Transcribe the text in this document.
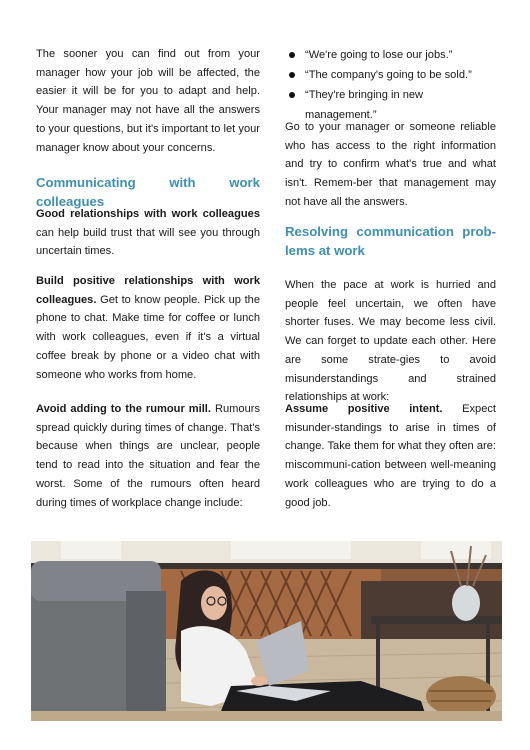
The sooner you can find out from your manager how your job will be affected, the easier it will be for you to adapt and help. Your manager may not have all the answers to your questions, but it's important to let your manager know about your concerns.
Communicating with work colleagues
Good relationships with work colleagues can help build trust that will see you through uncertain times.
Build positive relationships with work colleagues. Get to know people. Pick up the phone to chat. Make time for coffee or lunch with work colleagues, even if it's a virtual coffee break by phone or a video chat with someone who works from home.
Avoid adding to the rumour mill. Rumours spread quickly during times of change. That's because when things are unclear, people tend to read into the situation and fear the worst. Some of the rumours often heard during times of workplace change include:
“We're going to lose our jobs.”
“The company's going to be sold.”
“They're bringing in new management.”
Go to your manager or someone reliable who has access to the right information and try to confirm what's true and what isn't. Remem-ber that management may not have all the answers.
Resolving communication prob-lems at work
When the pace at work is hurried and people feel uncertain, we often have shorter fuses. We may become less civil. We can forget to update each other. Here are some strate-gies to avoid misunderstandings and strained relationships at work:
Assume positive intent. Expect misunder-standings to arise in times of change. Take them for what they often are: miscommuni-cation between well-meaning work colleagues who are trying to do a good job.
